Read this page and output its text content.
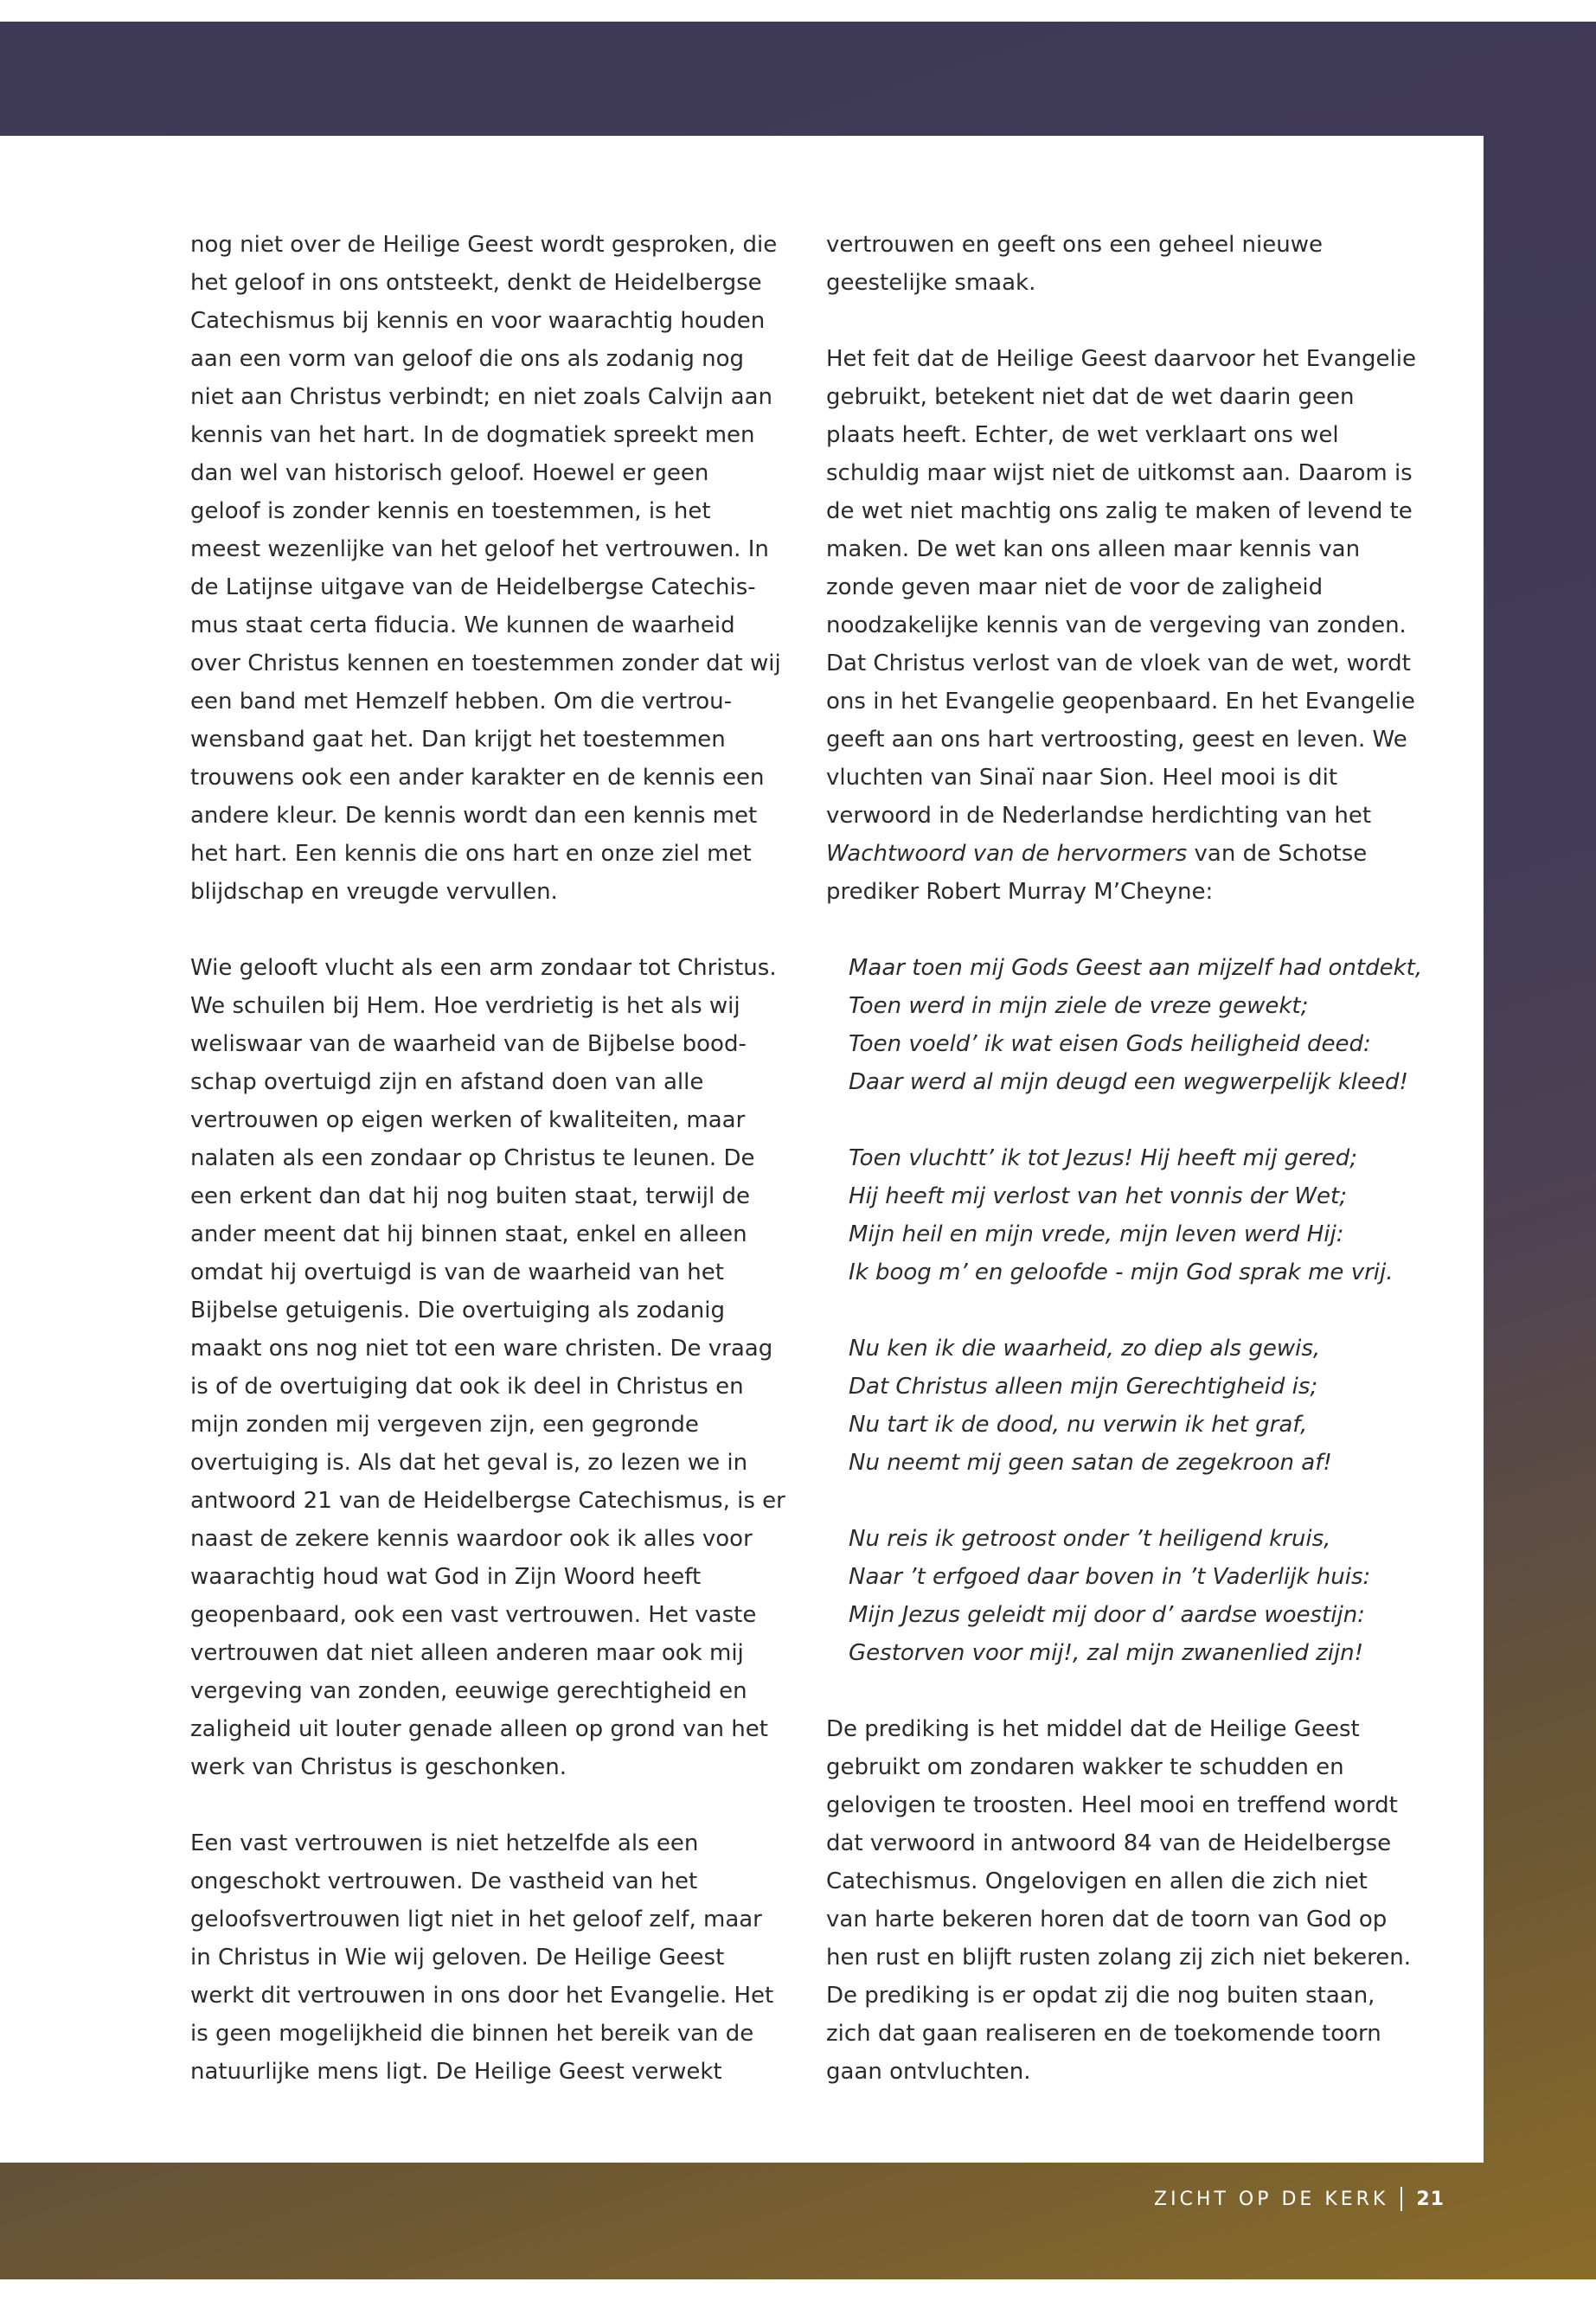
nog niet over de Heilige Geest wordt gesproken, die
het geloof in ons ontsteekt, denkt de Heidelbergse
Catechismus bij kennis en voor waarachtig houden
aan een vorm van geloof die ons als zodanig nog
niet aan Christus verbindt; en niet zoals Calvijn aan
kennis van het hart. In de dogmatiek spreekt men
dan wel van historisch geloof. Hoewel er geen
geloof is zonder kennis en toestemmen, is het
meest wezenlijke van het geloof het vertrouwen. In
de Latijnse uitgave van de Heidelbergse Catechis-
mus staat certa fiducia. We kunnen de waarheid
over Christus kennen en toestemmen zonder dat wij
een band met Hemzelf hebben. Om die vertrou-
wensband gaat het. Dan krijgt het toestemmen
trouwens ook een ander karakter en de kennis een
andere kleur. De kennis wordt dan een kennis met
het hart. Een kennis die ons hart en onze ziel met
blijdschap en vreugde vervullen.

Wie gelooft vlucht als een arm zondaar tot Christus.
We schuilen bij Hem. Hoe verdrietig is het als wij
weliswaar van de waarheid van de Bijbelse bood-
schap overtuigd zijn en afstand doen van alle
vertrouwen op eigen werken of kwaliteiten, maar
nalaten als een zondaar op Christus te leunen. De
een erkent dan dat hij nog buiten staat, terwijl de
ander meent dat hij binnen staat, enkel en alleen
omdat hij overtuigd is van de waarheid van het
Bijbelse getuigenis. Die overtuiging als zodanig
maakt ons nog niet tot een ware christen. De vraag
is of de overtuiging dat ook ik deel in Christus en
mijn zonden mij vergeven zijn, een gegronde
overtuiging is. Als dat het geval is, zo lezen we in
antwoord 21 van de Heidelbergse Catechismus, is er
naast de zekere kennis waardoor ook ik alles voor
waarachtig houd wat God in Zijn Woord heeft
geopenbaard, ook een vast vertrouwen. Het vaste
vertrouwen dat niet alleen anderen maar ook mij
vergeving van zonden, eeuwige gerechtigheid en
zaligheid uit louter genade alleen op grond van het
werk van Christus is geschonken.

Een vast vertrouwen is niet hetzelfde als een
ongeschokt vertrouwen. De vastheid van het
geloofsvertrouwen ligt niet in het geloof zelf, maar
in Christus in Wie wij geloven. De Heilige Geest
werkt dit vertrouwen in ons door het Evangelie. Het
is geen mogelijkheid die binnen het bereik van de
natuurlijke mens ligt. De Heilige Geest verwekt

vertrouwen en geeft ons een geheel nieuwe
geestelijke smaak.

Het feit dat de Heilige Geest daarvoor het Evangelie
gebruikt, betekent niet dat de wet daarin geen
plaats heeft. Echter, de wet verklaart ons wel
schuldig maar wijst niet de uitkomst aan. Daarom is
de wet niet machtig ons zalig te maken of levend te
maken. De wet kan ons alleen maar kennis van
zonde geven maar niet de voor de zaligheid
noodzakelijke kennis van de vergeving van zonden.
Dat Christus verlost van de vloek van de wet, wordt
ons in het Evangelie geopenbaard. En het Evangelie
geeft aan ons hart vertroosting, geest en leven. We
vluchten van Sinaï naar Sion. Heel mooi is dit
verwoord in de Nederlandse herdichting van het
Wachtwoord van de hervormers van de Schotse
prediker Robert Murray M’Cheyne:

Maar toen mij Gods Geest aan mijzelf had ontdekt,
Toen werd in mijn ziele de vreze gewekt;
Toen voeld’ ik wat eisen Gods heiligheid deed:
Daar werd al mijn deugd een wegwerpelijk kleed!
Toen vluchtt’ ik tot Jezus! Hij heeft mij gered;
Hij heeft mij verlost van het vonnis der Wet;
Mijn heil en mijn vrede, mijn leven werd Hij:
Ik boog m’ en geloofde - mijn God sprak me vrij.
Nu ken ik die waarheid, zo diep als gewis,
Dat Christus alleen mijn Gerechtigheid is;
Nu tart ik de dood, nu verwin ik het graf,
Nu neemt mij geen satan de zegekroon af!
Nu reis ik getroost onder ’t heiligend kruis,
Naar ’t erfgoed daar boven in ’t Vaderlijk huis:
Mijn Jezus geleidt mij door d’ aardse woestijn:
Gestorven voor mij!, zal mijn zwanenlied zijn!

De prediking is het middel dat de Heilige Geest
gebruikt om zondaren wakker te schudden en
gelovigen te troosten. Heel mooi en treffend wordt
dat verwoord in antwoord 84 van de Heidelbergse
Catechismus. Ongelovigen en allen die zich niet
van harte bekeren horen dat de toorn van God op
hen rust en blijft rusten zolang zij zich niet bekeren.
De prediking is er opdat zij die nog buiten staan,
zich dat gaan realiseren en de toekomende toorn
gaan ontvluchten.

ZICHT OP DE KERK 21
